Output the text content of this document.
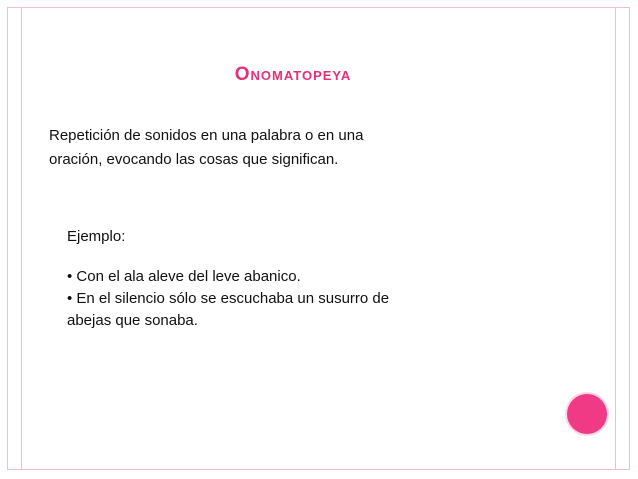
Onomatopeya
Repetición de sonidos en una palabra o en una
oración, evocando las cosas que significan.
Ejemplo:
• Con el ala aleve del leve abanico.
• En el silencio sólo se escuchaba un susurro de
abejas que sonaba.
